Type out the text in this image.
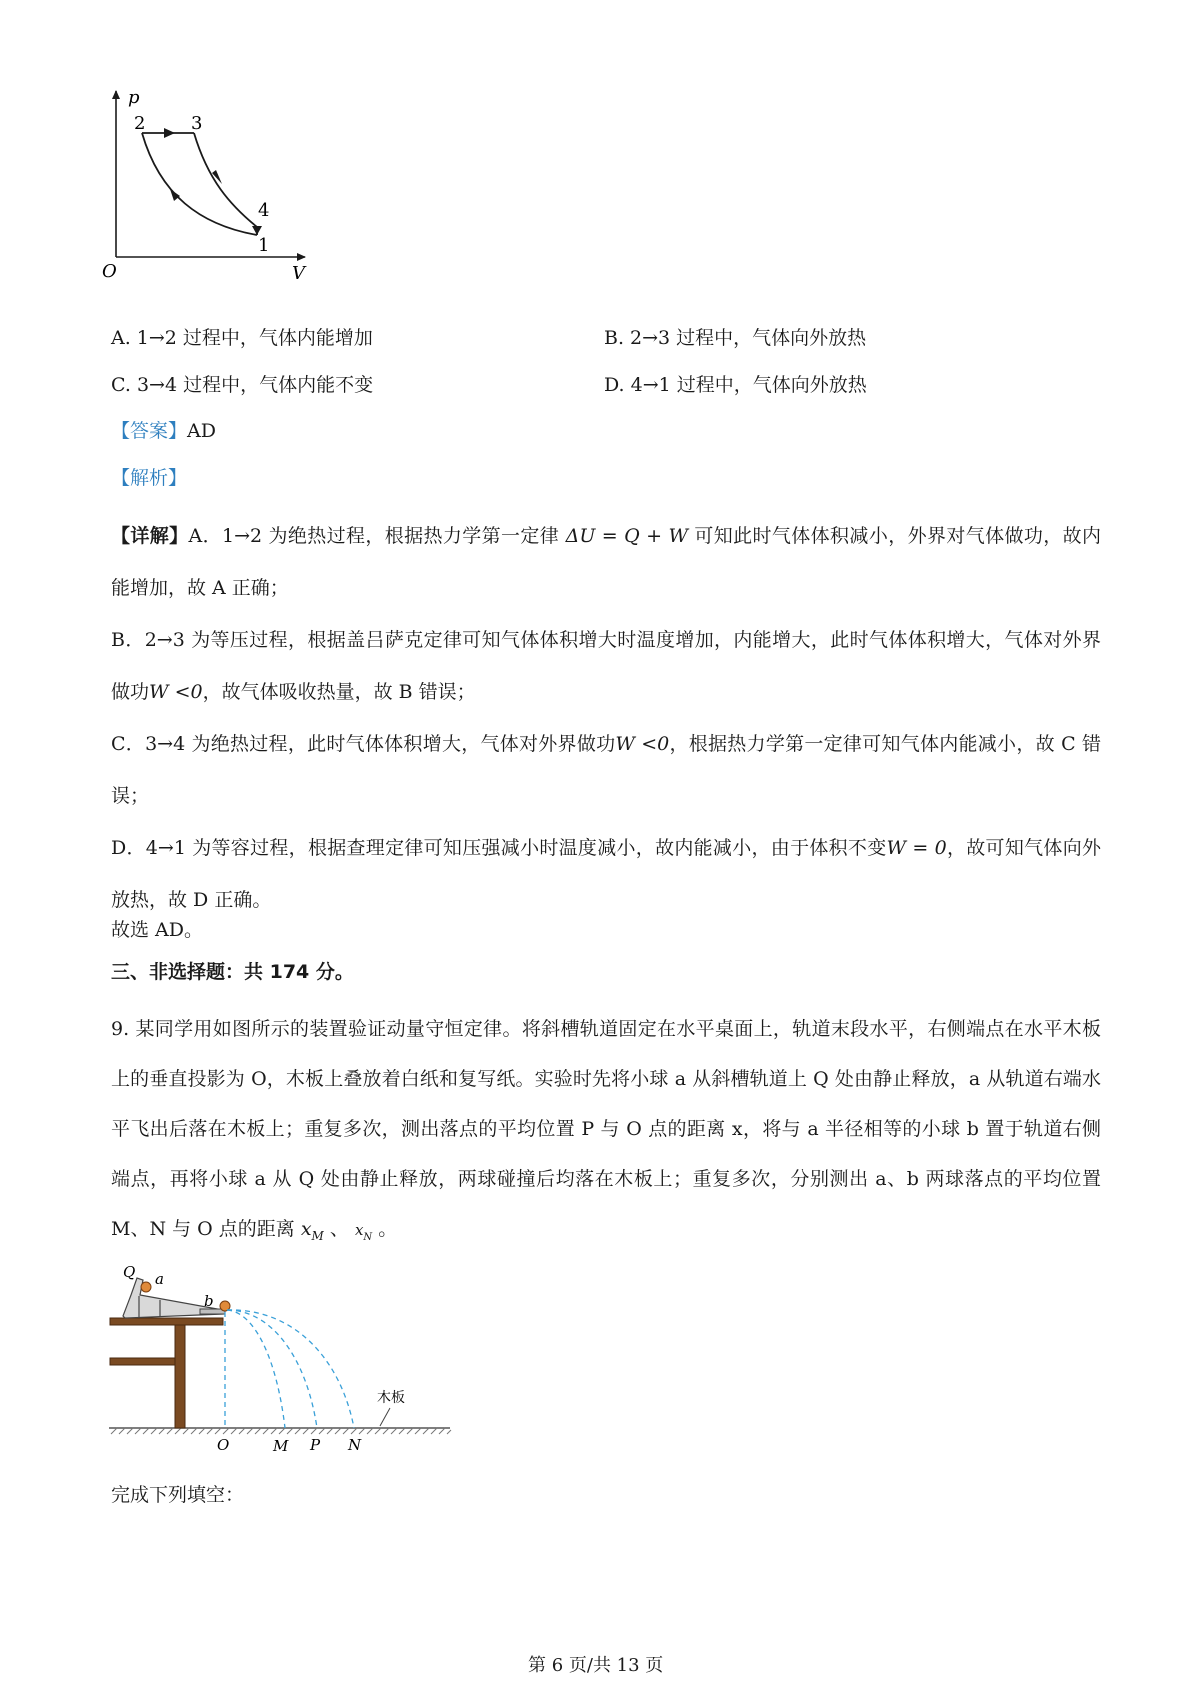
p
V
O
2	3
4
1
A. 1→2 过程中，气体内能增加	B. 2→3 过程中，气体向外放热
C. 3→4 过程中，气体内能不变	D. 4→1 过程中，气体向外放热
【答案】AD
【解析】

【详解】A．1→2 为绝热过程，根据热力学第一定律 ΔU = Q + W 可知此时气体体积减小，外界对气体做功，故内能增加，故 A 正确；

B．2→3 为等压过程，根据盖吕萨克定律可知气体体积增大时温度增加，内能增大，此时气体体积增大，气体对外界做功W <0，故气体吸收热量，故 B 错误；

C．3→4 为绝热过程，此时气体体积增大，气体对外界做功W <0，根据热力学第一定律可知气体内能减小，故 C 错误；

D．4→1 为等容过程，根据查理定律可知压强减小时温度减小，故内能减小，由于体积不变W = 0，故可知气体向外放热，故 D 正确。

故选 AD。
三、非选择题：共 174 分。

9. 某同学用如图所示的装置验证动量守恒定律。将斜槽轨道固定在水平桌面上，轨道末段水平，右侧端点在水平木板上的垂直投影为 O，木板上叠放着白纸和复写纸。实验时先将小球 a 从斜槽轨道上 Q 处由静止释放，a 从轨道右端水平飞出后落在木板上；重复多次，测出落点的平均位置 P 与 O 点的距离 x，将与 a 半径相等的小球 b 置于轨道右侧端点，再将小球 a 从 Q 处由静止释放，两球碰撞后均落在木板上；重复多次，分别测出 a、b 两球落点的平均位置 M、N 与 O 点的距离 $x_M$ 、 $x_N$ 。

Q a
b
木板
O	M P N
完成下列填空：
第 6 页/共 13 页
